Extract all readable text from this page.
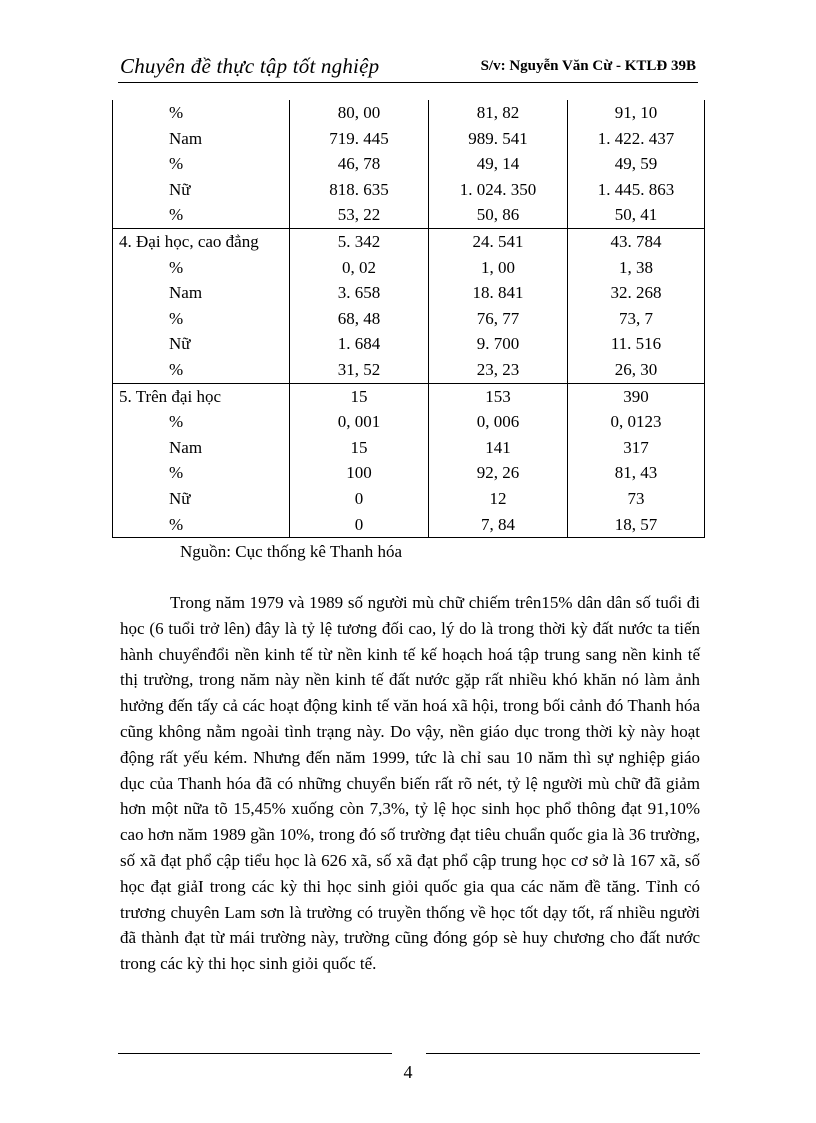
Chuyên đề thực tập tốt nghiệp	S/v: Nguyễn Văn Cừ - KTLĐ 39B
%	80, 00	81, 82	91, 10
Nam	719. 445	989. 541	1. 422. 437
%	46, 78	49, 14	49, 59
Nữ	818. 635	1. 024. 350	1. 445. 863
%	53, 22	50, 86	50, 41
4. Đại học, cao đẳng	5. 342	24. 541	43. 784
%	0, 02	1, 00	1, 38
Nam	3. 658	18. 841	32. 268
%	68, 48	76, 77	73, 7
Nữ	1. 684	9. 700	11. 516
%	31, 52	23, 23	26, 30
5. Trên đại học	15	153	390
%	0, 001	0, 006	0, 0123
Nam	15	141	317
%	100	92, 26	81, 43
Nữ	0	12	73
%	0	7, 84	18, 57
Nguồn: Cục thống kê Thanh hóa

Trong năm 1979 và 1989 số người mù chữ chiếm trên15% dân dân số tuổi đi học (6 tuổi trở lên) đây là tỷ lệ tương đối cao, lý do là trong thời kỳ đất nước ta tiến hành chuyểnđổi nền kinh tế từ nền kinh tế kế hoạch hoá tập trung sang nền kinh tế thị trường, trong năm này nền kinh tế đất nước gặp rất nhiều khó khăn nó làm ảnh hưởng đến tấy cả các hoạt động kinh tế văn hoá xã hội, trong bối cảnh đó Thanh hóa cũng không nằm ngoài tình trạng này. Do vậy, nền giáo dục trong thời kỳ này hoạt động rất yếu kém. Nhưng đến năm 1999, tức là chỉ sau 10 năm thì sự nghiệp giáo dục của Thanh hóa đã có những chuyển biến rất rõ nét, tỷ lệ người mù chữ đã giảm hơn một nữa tõ 15,45% xuống còn 7,3%, tỷ lệ học sinh học phổ thông đạt 91,10% cao hơn năm 1989 gần 10%, trong đó số trường đạt tiêu chuẩn quốc gia là 36 trường, số xã đạt phổ cập tiểu học là 626 xã, số xã đạt phổ cập trung học cơ sở là 167 xã, số học đạt giảI trong các kỳ thi học sinh giỏi quốc gia qua các năm đề tăng. Tỉnh có trương chuyên Lam sơn là trường có truyền thống về học tốt dạy tốt, rấ nhiều người đã thành đạt từ mái trường này, trường cũng đóng góp sè huy chương cho đất nước trong các kỳ thi học sinh giỏi quốc tế.

4
